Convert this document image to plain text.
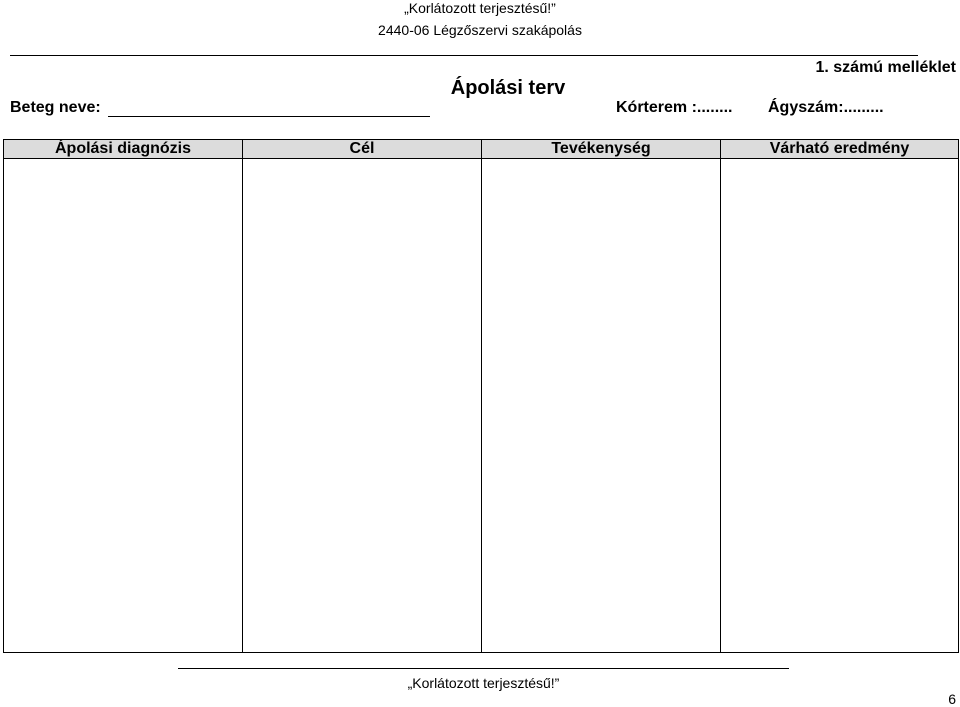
„Korlátozott terjesztésű!”
2440-06 Légzőszervi szakápolás
1. számú melléklet
Ápolási terv
Beteg neve:	Kórterem :........ Ágyszám:.........
Ápolási diagnózis	Cél	Tevékenység	Várható eredmény
„Korlátozott terjesztésű!”
6
